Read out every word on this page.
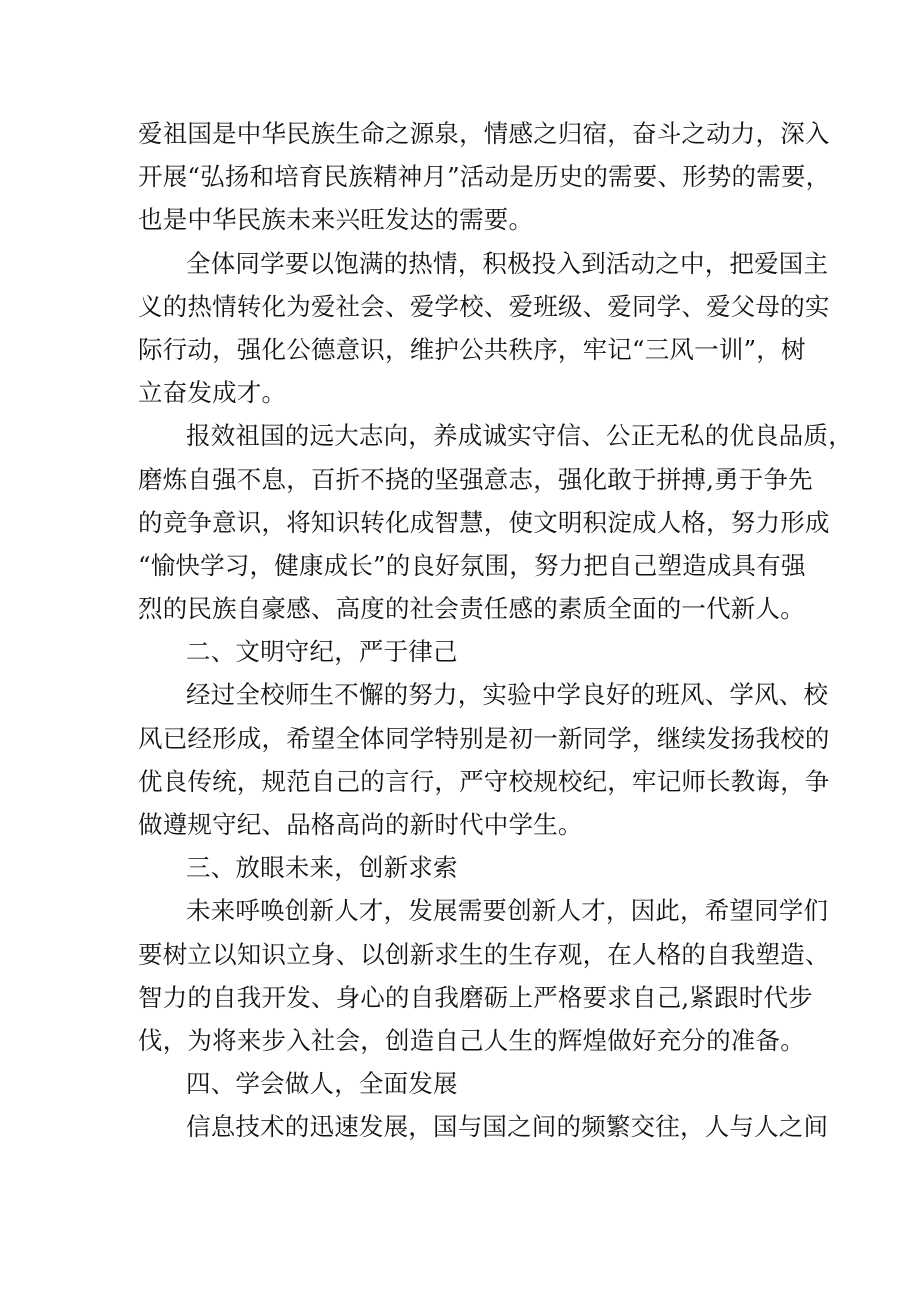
爱祖国是中华民族生命之源泉，情感之归宿，奋斗之动力，深入
开展“弘扬和培育民族精神月”活动是历史的需要、形势的需要，
也是中华民族未来兴旺发达的需要。
全体同学要以饱满的热情，积极投入到活动之中，把爱国主
义的热情转化为爱社会、爱学校、爱班级、爱同学、爱父母的实
际行动，强化公德意识，维护公共秩序，牢记“三风一训”，树
立奋发成才。
报效祖国的远大志向，养成诚实守信、公正无私的优良品质，
磨炼自强不息，百折不挠的坚强意志，强化敢于拼搏,勇于争先
的竞争意识，将知识转化成智慧，使文明积淀成人格，努力形成
“愉快学习，健康成长”的良好氛围，努力把自己塑造成具有强
烈的民族自豪感、高度的社会责任感的素质全面的一代新人。
二、文明守纪，严于律己
经过全校师生不懈的努力，实验中学良好的班风、学风、校
风已经形成，希望全体同学特别是初一新同学，继续发扬我校的
优良传统，规范自己的言行，严守校规校纪，牢记师长教诲，争
做遵规守纪、品格高尚的新时代中学生。
三、放眼未来，创新求索
未来呼唤创新人才，发展需要创新人才，因此，希望同学们
要树立以知识立身、以创新求生的生存观，在人格的自我塑造、
智力的自我开发、身心的自我磨砺上严格要求自己,紧跟时代步
伐，为将来步入社会，创造自己人生的辉煌做好充分的准备。
四、学会做人，全面发展
信息技术的迅速发展，国与国之间的频繁交往，人与人之间
